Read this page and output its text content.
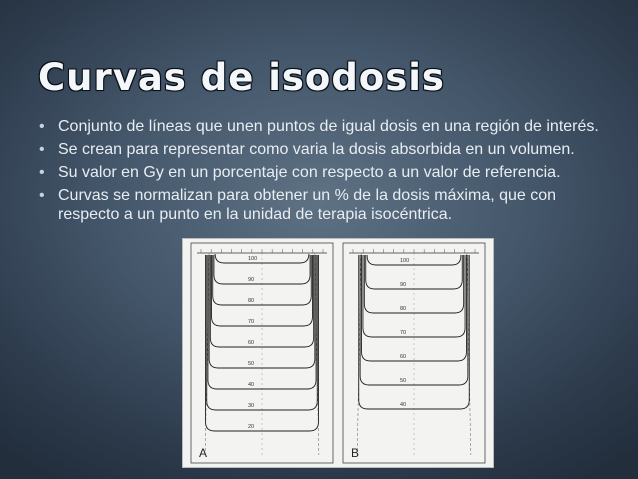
Curvas de isodosis
• Conjunto de líneas que unen puntos de igual dosis en una región de interés.
• Se crean para representar como varia la dosis absorbida en un volumen.
• Su valor en Gy en un porcentaje con respecto a un valor de referencia.
• Curvas se normalizan para obtener un % de la dosis máxima, que con respecto a un punto en la unidad de terapia isocéntrica.
100
90
80
70
60
50
40
30
20
A
100
90
80
70
60
50
40
B
